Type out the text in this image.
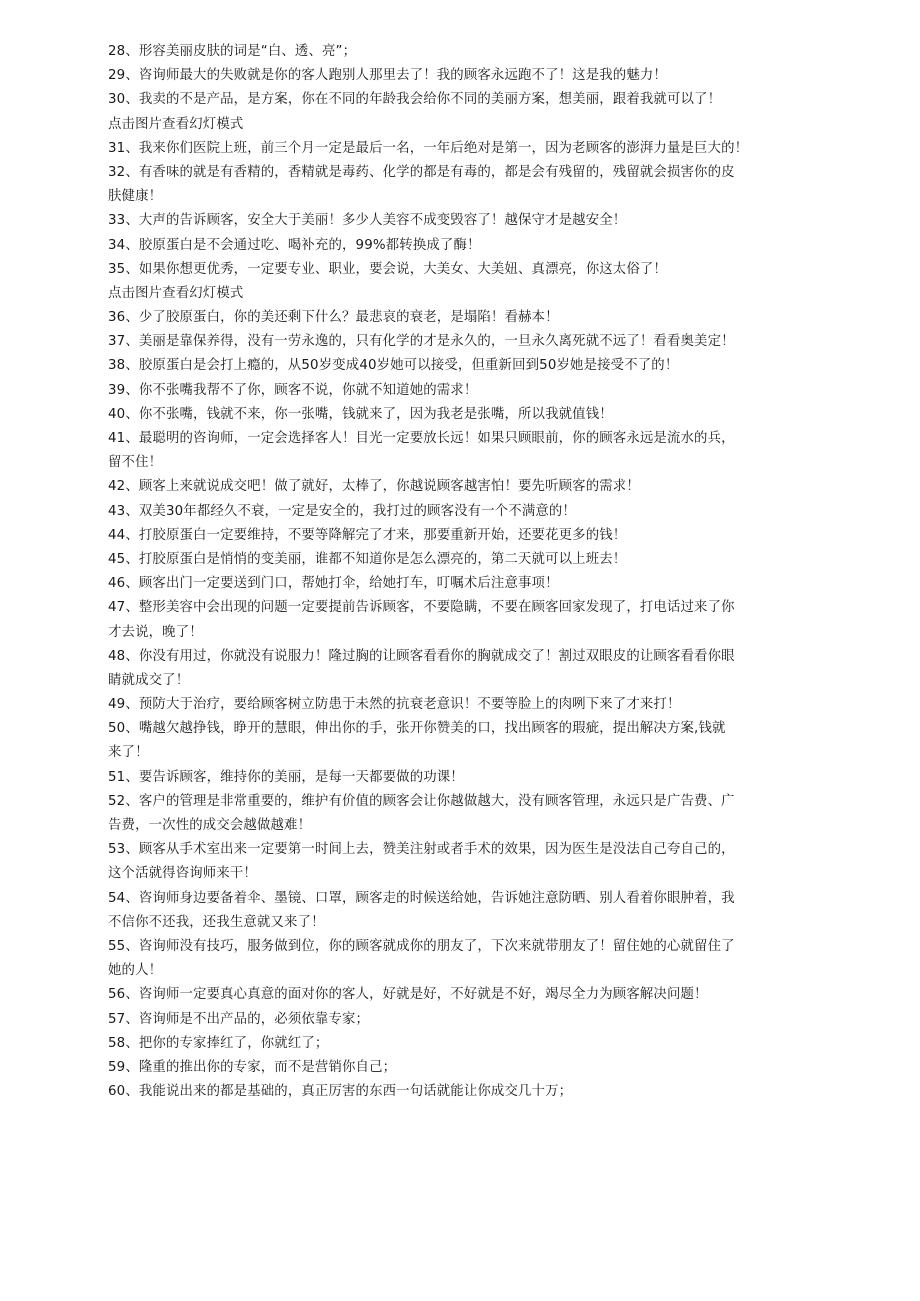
28、形容美丽皮肤的词是“白、透、亮”；
29、咨询师最大的失败就是你的客人跑别人那里去了！我的顾客永远跑不了！这是我的魅力！
30、我卖的不是产品，是方案，你在不同的年龄我会给你不同的美丽方案，想美丽，跟着我就可以了！
点击图片查看幻灯模式
31、我来你们医院上班，前三个月一定是最后一名，一年后绝对是第一，因为老顾客的澎湃力量是巨大的！
32、有香味的就是有香精的，香精就是毒药、化学的都是有毒的，都是会有残留的，残留就会损害你的皮
肤健康！
33、大声的告诉顾客，安全大于美丽！多少人美容不成变毁容了！越保守才是越安全！
34、胶原蛋白是不会通过吃、喝补充的，99%都转换成了酶！
35、如果你想更优秀，一定要专业、职业，要会说，大美女、大美妞、真漂亮，你这太俗了！
点击图片查看幻灯模式
36、少了胶原蛋白，你的美还剩下什么？最悲哀的衰老，是塌陷！看赫本！
37、美丽是靠保养得，没有一劳永逸的，只有化学的才是永久的，一旦永久离死就不远了！看看奥美定！
38、胶原蛋白是会打上瘾的，从50岁变成40岁她可以接受，但重新回到50岁她是接受不了的！
39、你不张嘴我帮不了你，顾客不说，你就不知道她的需求！
40、你不张嘴，钱就不来，你一张嘴，钱就来了，因为我老是张嘴，所以我就值钱！
41、最聪明的咨询师，一定会选择客人！目光一定要放长远！如果只顾眼前，你的顾客永远是流水的兵，
留不住！
42、顾客上来就说成交吧！做了就好，太棒了，你越说顾客越害怕！要先听顾客的需求！
43、双美30年都经久不衰，一定是安全的，我打过的顾客没有一个不满意的！
44、打胶原蛋白一定要维持，不要等降解完了才来，那要重新开始，还要花更多的钱！
45、打胶原蛋白是悄悄的变美丽，谁都不知道你是怎么漂亮的，第二天就可以上班去！
46、顾客出门一定要送到门口，帮她打伞，给她打车，叮嘱术后注意事项！
47、整形美容中会出现的问题一定要提前告诉顾客，不要隐瞒，不要在顾客回家发现了，打电话过来了你
才去说，晚了！
48、你没有用过，你就没有说服力！隆过胸的让顾客看看你的胸就成交了！割过双眼皮的让顾客看看你眼
睛就成交了！
49、预防大于治疗，要给顾客树立防患于未然的抗衰老意识！不要等脸上的肉咧下来了才来打！
50、嘴越欠越挣钱，睁开的慧眼，伸出你的手，张开你赞美的口，找出顾客的瑕疵，提出解决方案,钱就
来了！
51、要告诉顾客，维持你的美丽，是每一天都要做的功课！
52、客户的管理是非常重要的，维护有价值的顾客会让你越做越大，没有顾客管理，永远只是广告费、广
告费，一次性的成交会越做越难！
53、顾客从手术室出来一定要第一时间上去，赞美注射或者手术的效果，因为医生是没法自己夸自己的，
这个活就得咨询师来干！
54、咨询师身边要备着伞、墨镜、口罩，顾客走的时候送给她，告诉她注意防晒、别人看着你眼肿着，我
不信你不还我，还我生意就又来了！
55、咨询师没有技巧，服务做到位，你的顾客就成你的朋友了，下次来就带朋友了！留住她的心就留住了
她的人！
56、咨询师一定要真心真意的面对你的客人，好就是好，不好就是不好，竭尽全力为顾客解决问题！
57、咨询师是不出产品的，必须依靠专家；
58、把你的专家捧红了，你就红了；
59、隆重的推出你的专家，而不是营销你自己；
60、我能说出来的都是基础的，真正厉害的东西一句话就能让你成交几十万；
